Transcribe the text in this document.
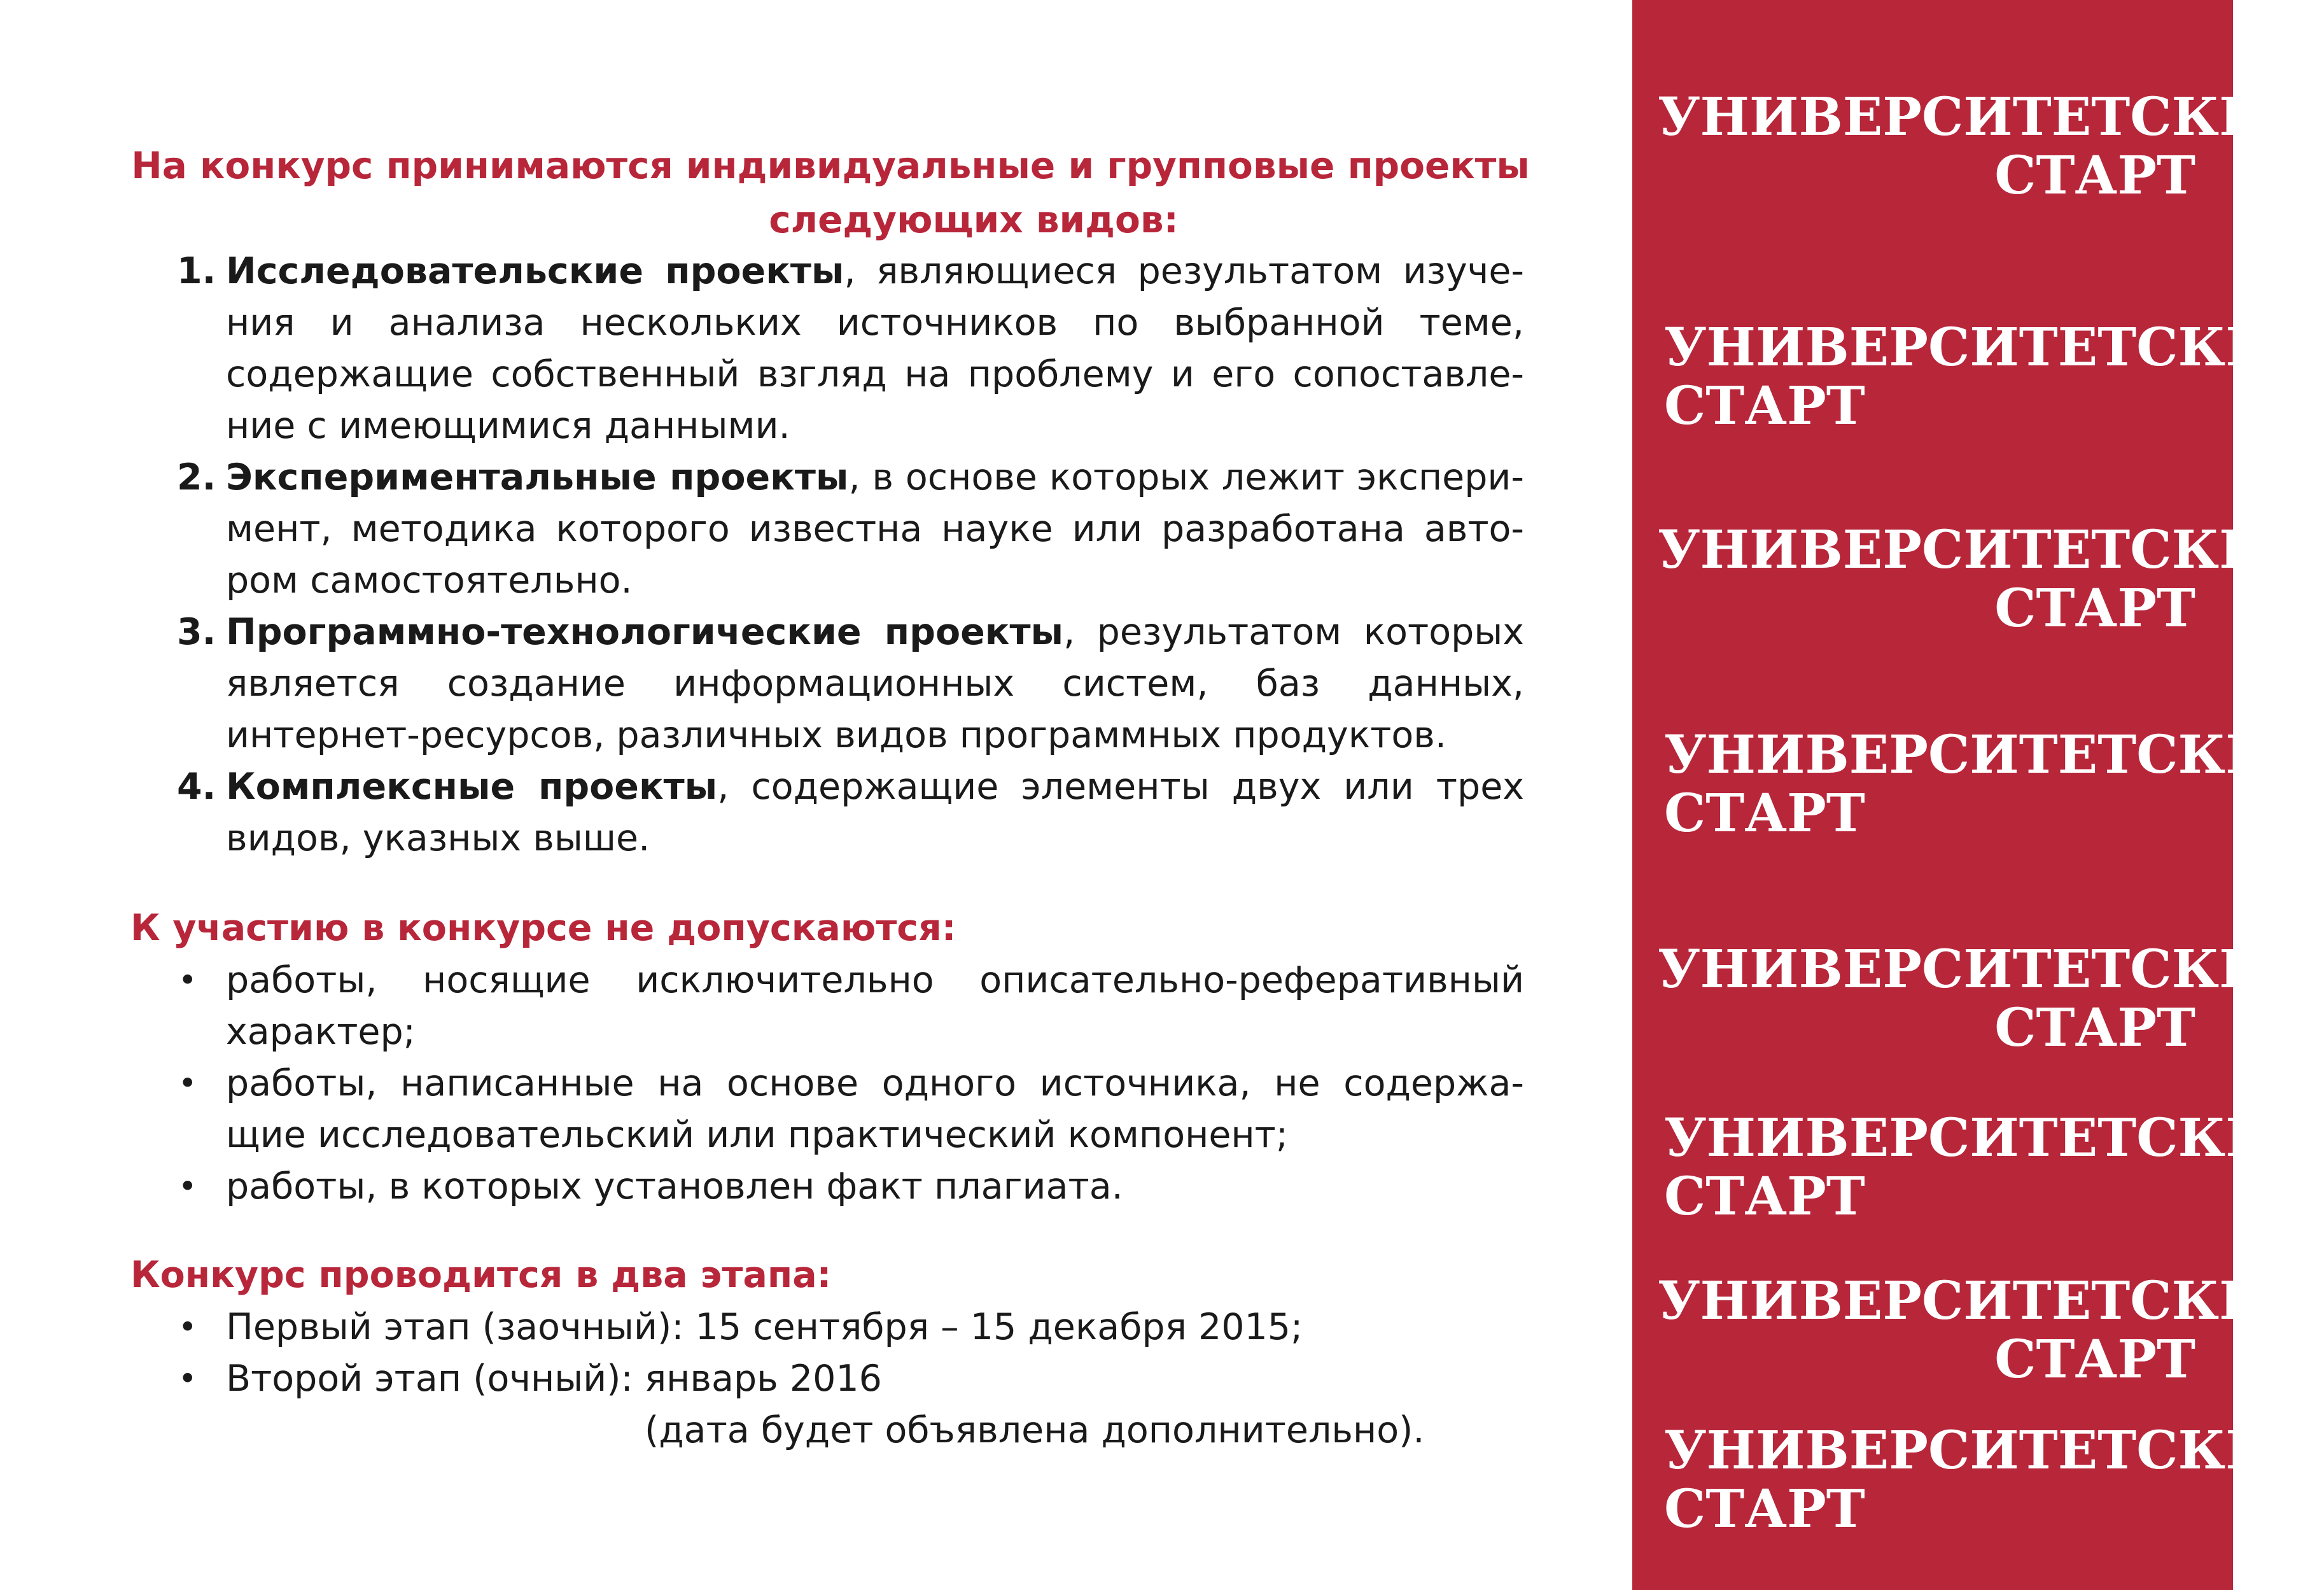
На конкурс принимаются индивидуальные и групповые проекты
следующих видов:
1. Исследовательские проекты, являющиеся результатом изуче-
ния и анализа нескольких источников по выбранной теме,
содержащие собственный взгляд на проблему и его сопоставле-
ние с имеющимися данными.
2. Экспериментальные проекты, в основе которых лежит экспери-
мент, методика которого известна науке или разработана авто-
ром самостоятельно.
3. Программно-технологические проекты, результатом которых
является создание информационных систем, баз данных,
интернет-ресурсов, различных видов программных продуктов.
4. Комплексные проекты, содержащие элементы двух или трех
видов, указных выше.
К участию в конкурсе не допускаются:
• работы, носящие исключительно описательно-реферативный
характер;
• работы, написанные на основе одного источника, не содержа-
щие исследовательский или практический компонент;
• работы, в которых установлен факт плагиата.
Конкурс проводится в два этапа:
• Первый этап (заочный): 15 сентября – 15 декабря 2015;
• Второй этап (очный): январь 2016
(дата будет объявлена дополнительно).
УНИВЕРСИТЕТСКИЙ
СТАРТ
УНИВЕРСИТЕТСКИЙ
СТАРТ
УНИВЕРСИТЕТСКИЙ
СТАРТ
УНИВЕРСИТЕТСКИЙ
СТАРТ
УНИВЕРСИТЕТСКИЙ
СТАРТ
УНИВЕРСИТЕТСКИЙ
СТАРТ
УНИВЕРСИТЕТСКИЙ
СТАРТ
УНИВЕРСИТЕТСКИЙ
СТАРТ
